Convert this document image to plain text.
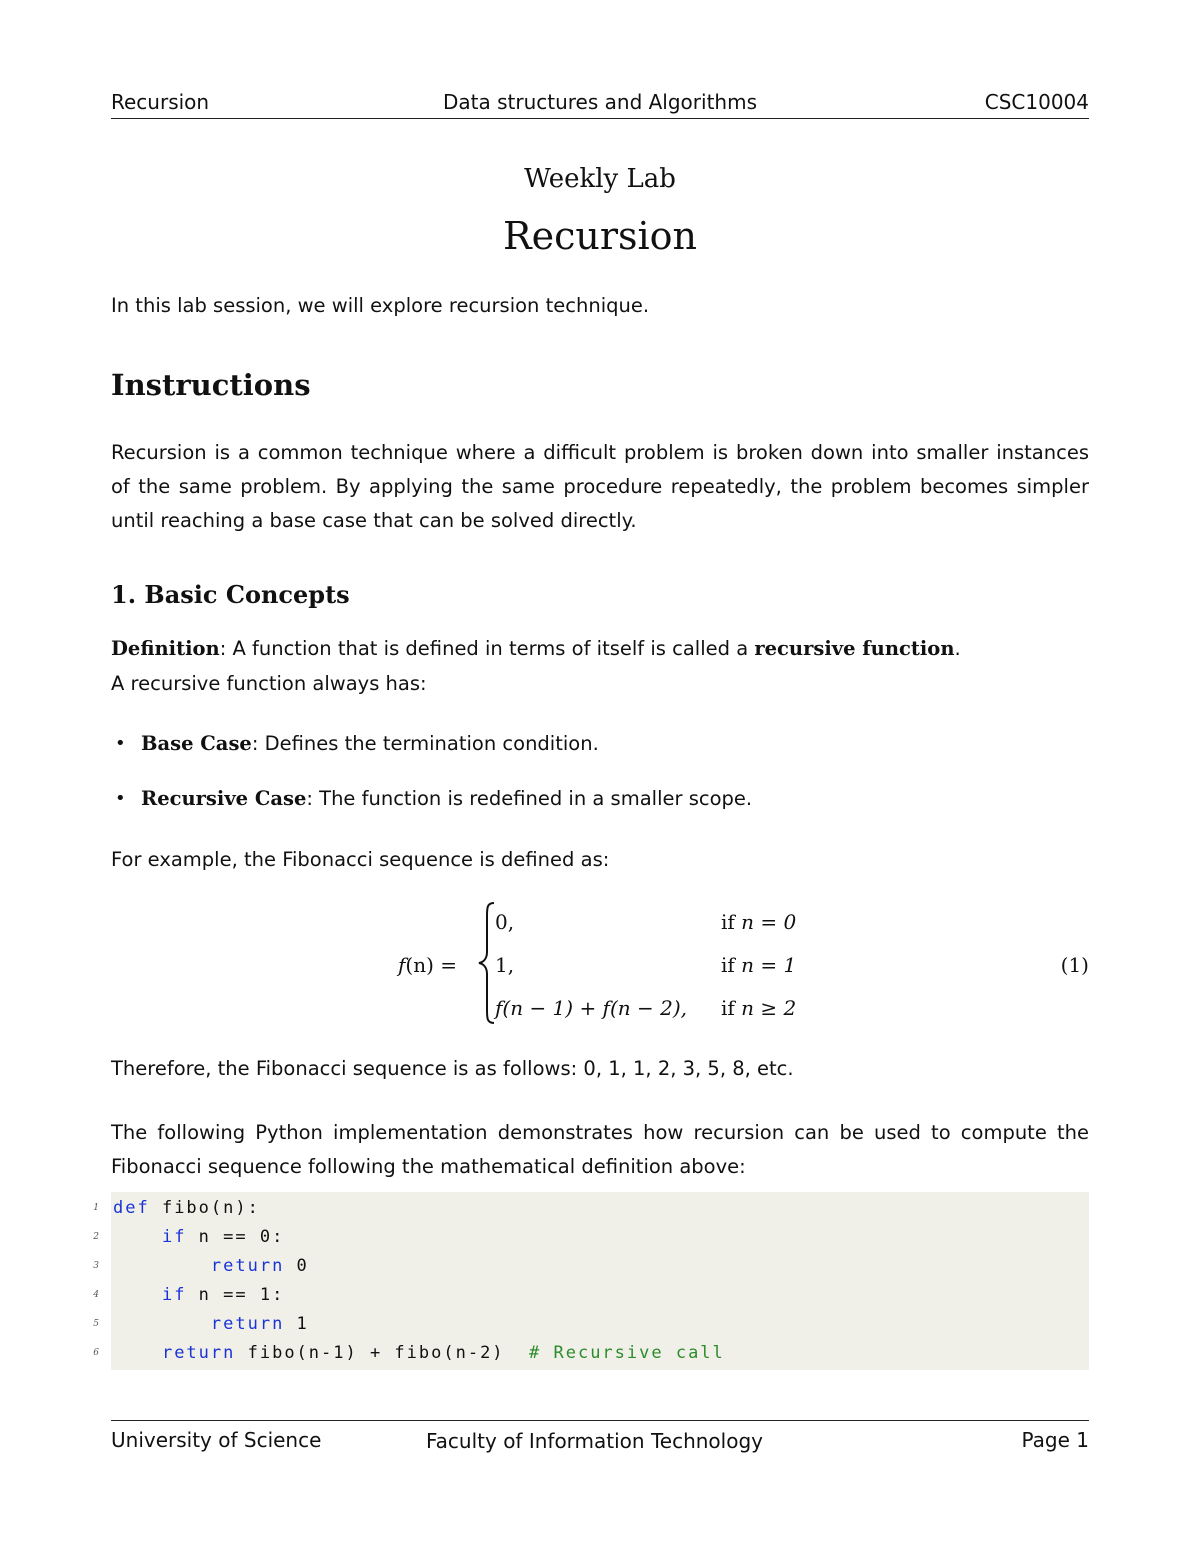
Recursion	Data structures and Algorithms	CSC10004
Weekly Lab
Recursion
In this lab session, we will explore recursion technique.
Instructions
Recursion is a common technique where a difficult problem is broken down into smaller instances of the same problem. By applying the same procedure repeatedly, the problem becomes simpler until reaching a base case that can be solved directly.
1. Basic Concepts
Definition: A function that is defined in terms of itself is called a recursive function.
A recursive function always has:
• Base Case: Defines the termination condition.
• Recursive Case: The function is redefined in a smaller scope.
For example, the Fibonacci sequence is defined as:
f(n) =
0,	if n = 0
1,	if n = 1
f(n − 1) + f(n − 2), if n ≥ 2
(1)
Therefore, the Fibonacci sequence is as follows: 0, 1, 1, 2, 3, 5, 8, etc.
The following Python implementation demonstrates how recursion can be used to compute the Fibonacci sequence following the mathematical definition above:
1 def fibo(n):
2	if n == 0:
3	return 0
4	if n == 1:
5	return 1
6	return fibo(n-1) + fibo(n-2)  # Recursive call
University of Science	Faculty of Information Technology	Page 1
